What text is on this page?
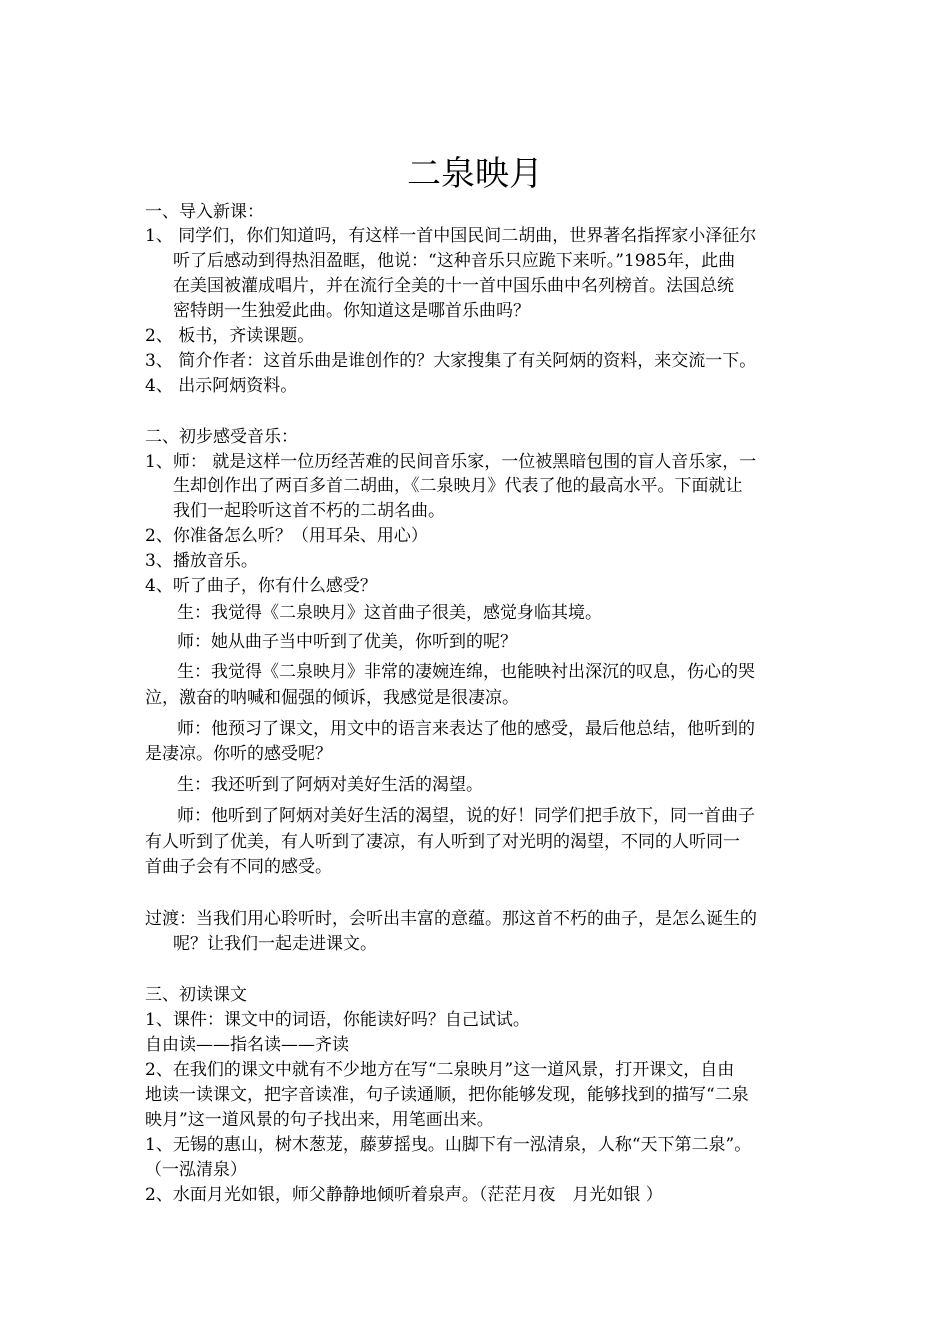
二泉映月
一、导入新课：
1、 同学们，你们知道吗，有这样一首中国民间二胡曲，世界著名指挥家小泽征尔
听了后感动到得热泪盈眶，他说：“这种音乐只应跪下来听。”1985年，此曲
在美国被灌成唱片，并在流行全美的十一首中国乐曲中名列榜首。法国总统
密特朗一生独爱此曲。你知道这是哪首乐曲吗？
2、 板书，齐读课题。
3、 简介作者：这首乐曲是谁创作的？大家搜集了有关阿炳的资料，来交流一下。
4、 出示阿炳资料。
二、初步感受音乐：
1、师： 就是这样一位历经苦难的民间音乐家，一位被黑暗包围的盲人音乐家，一
生却创作出了两百多首二胡曲，《二泉映月》代表了他的最高水平。下面就让
我们一起聆听这首不朽的二胡名曲。
2、你准备怎么听？（用耳朵、用心）
3、播放音乐。
4、听了曲子，你有什么感受？
生：我觉得《二泉映月》这首曲子很美，感觉身临其境。
师：她从曲子当中听到了优美，你听到的呢？
生：我觉得《二泉映月》非常的凄婉连绵，也能映衬出深沉的叹息，伤心的哭
泣，激奋的呐喊和倔强的倾诉，我感觉是很凄凉。
师：他预习了课文，用文中的语言来表达了他的感受，最后他总结，他听到的
是凄凉。你听的感受呢？
生：我还听到了阿炳对美好生活的渴望。
师：他听到了阿炳对美好生活的渴望，说的好！同学们把手放下，同一首曲子
有人听到了优美，有人听到了凄凉，有人听到了对光明的渴望，不同的人听同一
首曲子会有不同的感受。
过渡：当我们用心聆听时，会听出丰富的意蕴。那这首不朽的曲子，是怎么诞生的
呢？让我们一起走进课文。
三、初读课文
1、课件：课文中的词语，你能读好吗？自己试试。
自由读——指名读——齐读
2、在我们的课文中就有不少地方在写“二泉映月”这一道风景，打开课文，自由
地读一读课文，把字音读准，句子读通顺，把你能够发现，能够找到的描写“二泉
映月”这一道风景的句子找出来，用笔画出来。
1、无锡的惠山，树木葱茏，藤萝摇曳。山脚下有一泓清泉，人称“天下第二泉”。
（一泓清泉）
2、水面月光如银，师父静静地倾听着泉声。（茫茫月夜　月光如银 ）
